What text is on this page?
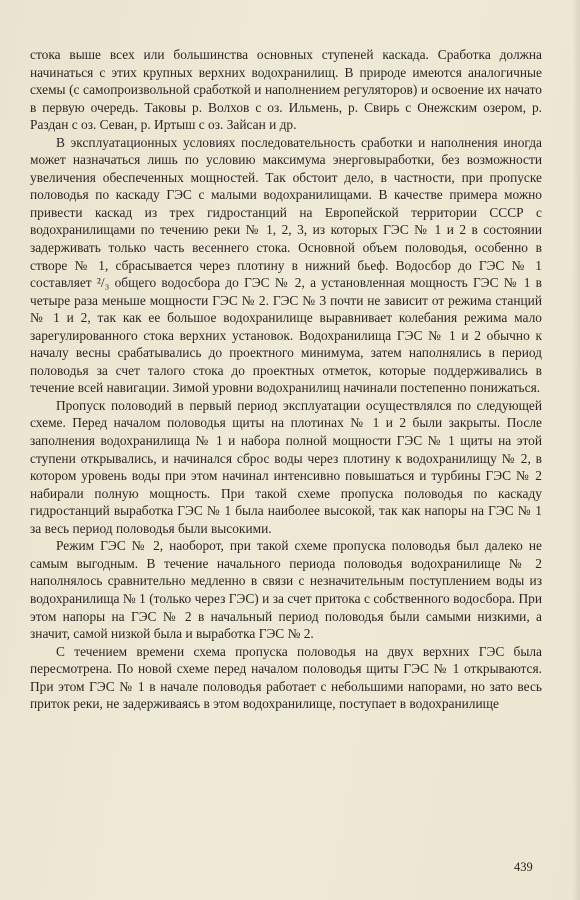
стока выше всех или большинства основных ступеней каскада. Сработка должна начинаться с этих крупных верхних водохранилищ. В природе имеются аналогичные схемы (с самопроизвольной сработкой и наполнением регуляторов) и освоение их начато в первую очередь. Таковы р. Волхов с оз. Ильмень, р. Свирь с Онежским озером, р. Раздан с оз. Севан, р. Иртыш с оз. Зайсан и др.

В эксплуатационных условиях последовательность сработки и наполнения иногда может назначаться лишь по условию максимума энерговыработки, без возможности увеличения обеспеченных мощностей. Так обстоит дело, в частности, при пропуске половодья по каскаду ГЭС с малыми водохранилищами. В качестве примера можно привести каскад из трех гидростанций на Европейской территории СССР с водохранилищами по течению реки № 1, 2, 3, из которых ГЭС № 1 и 2 в состоянии задерживать только часть весеннего стока. Основной объем половодья, особенно в створе № 1, сбрасывается через плотину в нижний бьеф. Водосбор до ГЭС № 1 составляет ²/₃ общего водосбора до ГЭС № 2, а установленная мощность ГЭС № 1 в четыре раза меньше мощности ГЭС № 2. ГЭС № 3 почти не зависит от режима станций № 1 и 2, так как ее большое водохранилище выравнивает колебания режима мало зарегулированного стока верхних установок. Водохранилища ГЭС № 1 и 2 обычно к началу весны срабатывались до проектного минимума, затем наполнялись в период половодья за счет талого стока до проектных отметок, которые поддерживались в течение всей навигации. Зимой уровни водохранилищ начинали постепенно понижаться.

Пропуск половодий в первый период эксплуатации осуществлялся по следующей схеме. Перед началом половодья щиты на плотинах № 1 и 2 были закрыты. После заполнения водохранилища № 1 и набора полной мощности ГЭС № 1 щиты на этой ступени открывались, и начинался сброс воды через плотину к водохранилищу № 2, в котором уровень воды при этом начинал интенсивно повышаться и турбины ГЭС № 2 набирали полную мощность. При такой схеме пропуска половодья по каскаду гидростанций выработка ГЭС № 1 была наиболее высокой, так как напоры на ГЭС № 1 за весь период половодья были высокими.

Режим ГЭС № 2, наоборот, при такой схеме пропуска половодья был далеко не самым выгодным. В течение начального периода половодья водохранилище № 2 наполнялось сравнительно медленно в связи с незначительным поступлением воды из водохранилища № 1 (только через ГЭС) и за счет притока с собственного водосбора. При этом напоры на ГЭС № 2 в начальный период половодья были самыми низкими, а значит, самой низкой была и выработка ГЭС № 2.

С течением времени схема пропуска половодья на двух верхних ГЭС была пересмотрена. По новой схеме перед началом половодья щиты ГЭС № 1 открываются. При этом ГЭС № 1 в начале половодья работает с небольшими напорами, но зато весь приток реки, не задерживаясь в этом водохранилище, поступает в водохранилище

439
